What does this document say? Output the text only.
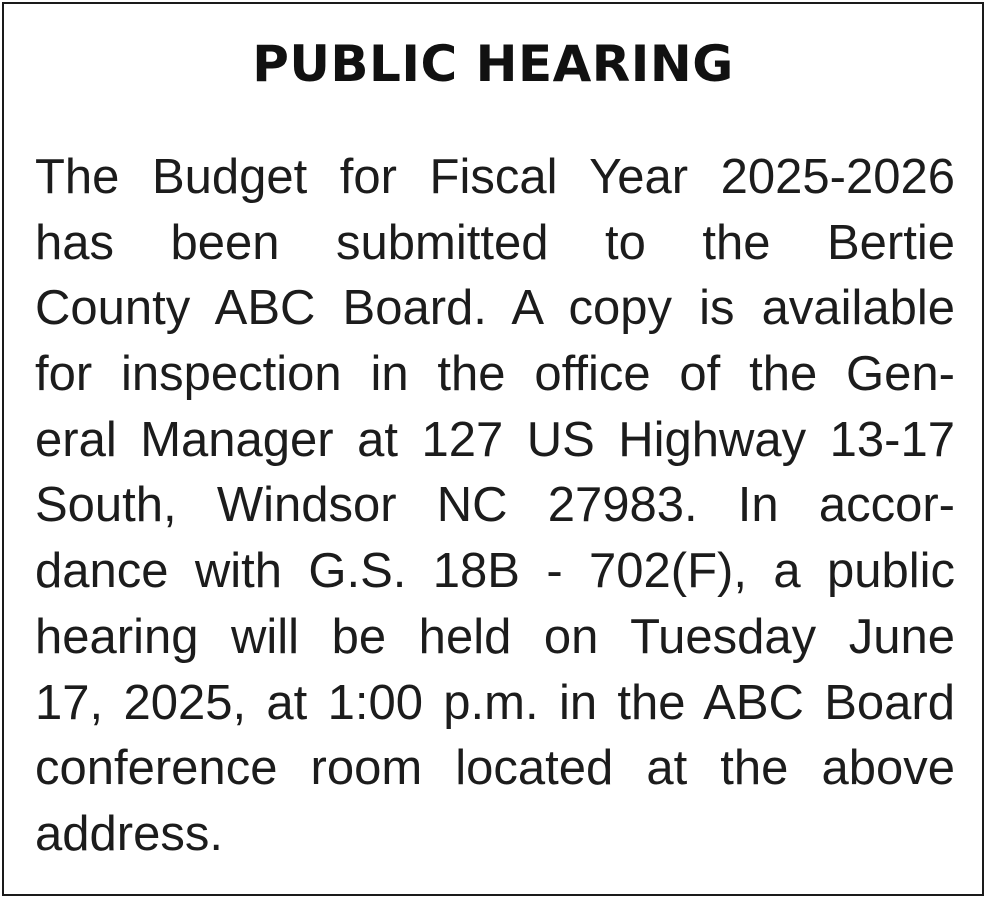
PUBLIC HEARING
The Budget for Fiscal Year 2025-2026
has been submitted to the Bertie
County ABC Board. A copy is available
for inspection in the office of the Gen-
eral Manager at 127 US Highway 13-17
South, Windsor NC 27983. In accor-
dance with G.S. 18B - 702(F), a public
hearing will be held on Tuesday June
17, 2025, at 1:00 p.m. in the ABC Board
conference room located at the above
address.
